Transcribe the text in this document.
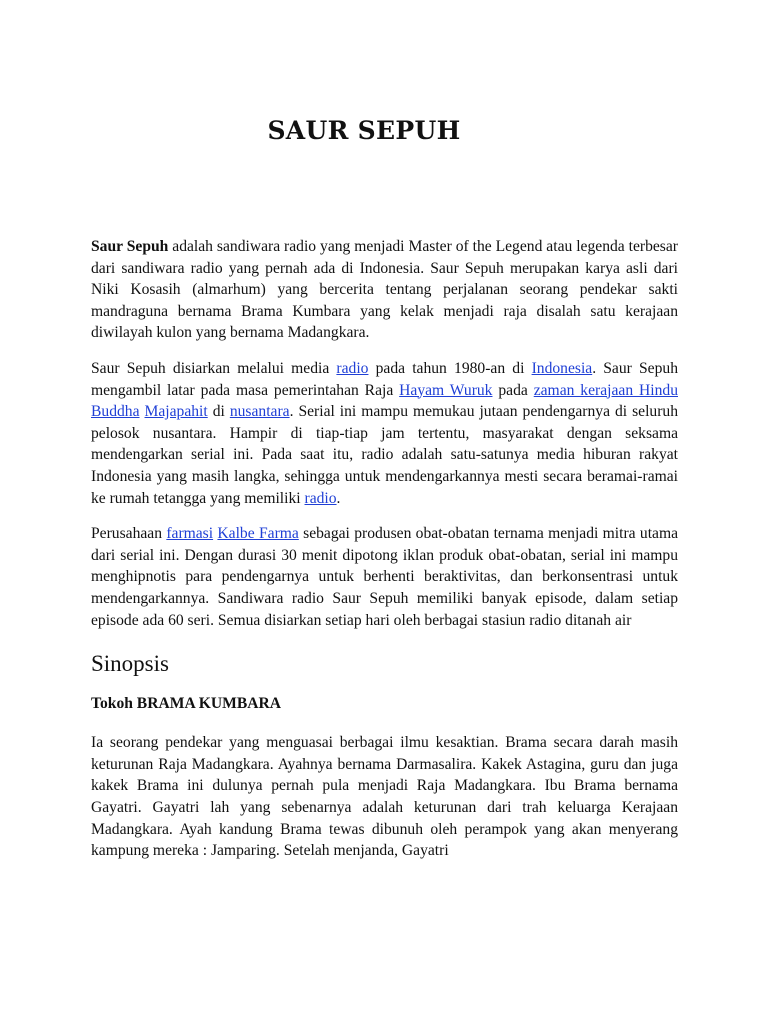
SAUR SEPUH

Saur Sepuh adalah sandiwara radio yang menjadi Master of the Legend atau legenda terbesar dari sandiwara radio yang pernah ada di Indonesia. Saur Sepuh merupakan karya asli dari Niki Kosasih (almarhum) yang bercerita tentang perjalanan seorang pendekar sakti mandraguna bernama Brama Kumbara yang kelak menjadi raja disalah satu kerajaan diwilayah kulon yang bernama Madangkara.

Saur Sepuh disiarkan melalui media radio pada tahun 1980-an di Indonesia. Saur Sepuh mengambil latar pada masa pemerintahan Raja Hayam Wuruk pada zaman kerajaan Hindu Buddha Majapahit di nusantara. Serial ini mampu memukau jutaan pendengarnya di seluruh pelosok nusantara. Hampir di tiap-tiap jam tertentu, masyarakat dengan seksama mendengarkan serial ini. Pada saat itu, radio adalah satu-satunya media hiburan rakyat Indonesia yang masih langka, sehingga untuk mendengarkannya mesti secara beramai-ramai ke rumah tetangga yang memiliki radio.

Perusahaan farmasi Kalbe Farma sebagai produsen obat-obatan ternama menjadi mitra utama dari serial ini. Dengan durasi 30 menit dipotong iklan produk obat-obatan, serial ini mampu menghipnotis para pendengarnya untuk berhenti beraktivitas, dan berkonsentrasi untuk mendengarkannya. Sandiwara radio Saur Sepuh memiliki banyak episode, dalam setiap episode ada 60 seri. Semua disiarkan setiap hari oleh berbagai stasiun radio ditanah air

Sinopsis
Tokoh BRAMA KUMBARA

Ia seorang pendekar yang menguasai berbagai ilmu kesaktian. Brama secara darah masih keturunan Raja Madangkara. Ayahnya bernama Darmasalira. Kakek Astagina, guru dan juga kakek Brama ini dulunya pernah pula menjadi Raja Madangkara. Ibu Brama bernama Gayatri. Gayatri lah yang sebenarnya adalah keturunan dari trah keluarga Kerajaan Madangkara. Ayah kandung Brama tewas dibunuh oleh perampok yang akan menyerang kampung mereka : Jamparing. Setelah menjanda, Gayatri
